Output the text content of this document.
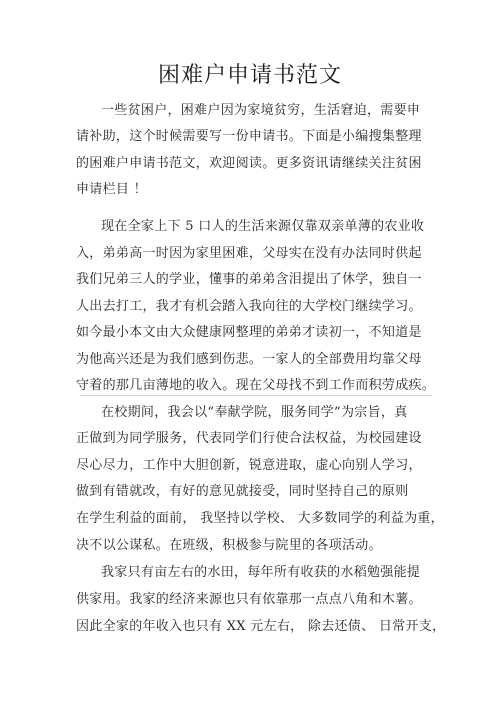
困难户申请书范文
一些贫困户，困难户因为家境贫穷，生活窘迫，需要申
请补助，这个时候需要写一份申请书。下面是小编搜集整理
的困难户申请书范文，欢迎阅读。更多资讯请继续关注贫困
申请栏目 ！
现在全家上下 5 口人的生活来源仅靠双亲单薄的农业收
入，弟弟高一时因为家里困难，父母实在没有办法同时供起
我们兄弟三人的学业，懂事的弟弟含泪提出了休学，独自一
人出去打工，我才有机会踏入我向往的大学校门继续学习。
如今最小本文由大众健康网整理的弟弟才读初一，不知道是
为他高兴还是为我们感到伤悲。一家人的全部费用均靠父母
守着的那几亩薄地的收入。现在父母找不到工作而积劳成疾。
在校期间，我会以“奉献学院，服务同学”为宗旨，真
正做到为同学服务，代表同学们行使合法权益，为校园建设
尽心尽力，工作中大胆创新，锐意进取，虚心向别人学习，
做到有错就改，有好的意见就接受，同时坚持自己的原则
在学生利益的面前， 我坚持以学校、 大多数同学的利益为重，
决不以公谋私。在班级，积极参与院里的各项活动。
我家只有亩左右的水田，每年所有收获的水稻勉强能提
供家用。我家的经济来源也只有依靠那一点点八角和木薯。
因此全家的年收入也只有 XX 元左右， 除去还债、 日常开支，
